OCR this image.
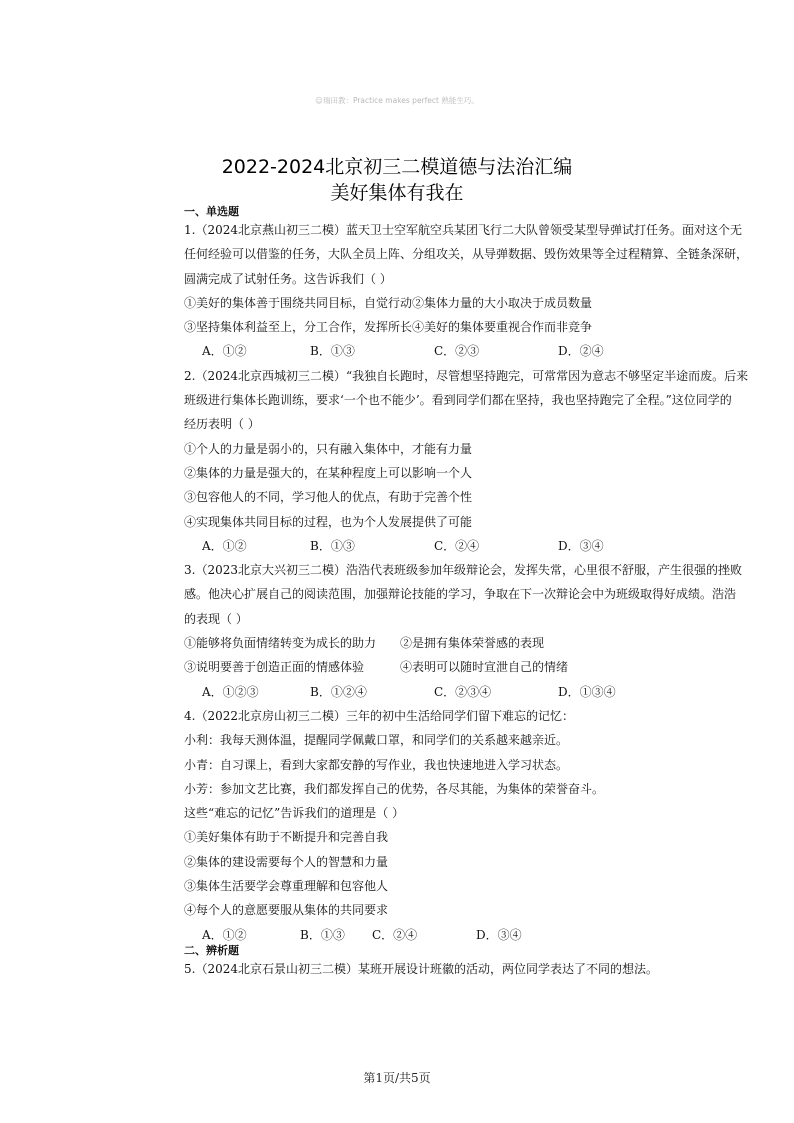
☺瑞田教：Practice makes perfect 熟能生巧。
2022-2024北京初三二模道德与法治汇编
美好集体有我在
一、单选题
1.（2024北京燕山初三二模）蓝天卫士空军航空兵某团飞行二大队曾领受某型导弹试打任务。面对这个无
任何经验可以借鉴的任务，大队全员上阵、分组攻关，从导弹数据、毁伤效果等全过程精算、全链条深研，
圆满完成了试射任务。这告诉我们（ ）
①美好的集体善于围绕共同目标，自觉行动②集体力量的大小取决于成员数量
③坚持集体利益至上，分工合作，发挥所长④美好的集体要重视合作而非竞争
A．①②	B．①③	C．②③	D．②④
2.（2024北京西城初三二模）“我独自长跑时，尽管想坚持跑完，可常常因为意志不够坚定半途而废。后来
班级进行集体长跑训练，要求‘一个也不能少’。看到同学们都在坚持，我也坚持跑完了全程。”这位同学的
经历表明（ ）
①个人的力量是弱小的，只有融入集体中，才能有力量
②集体的力量是强大的，在某种程度上可以影响一个人
③包容他人的不同，学习他人的优点，有助于完善个性
④实现集体共同目标的过程，也为个人发展提供了可能
A．①②	B．①③	C．②④	D．③④
3.（2023北京大兴初三二模）浩浩代表班级参加年级辩论会，发挥失常，心里很不舒服，产生很强的挫败
感。他决心扩展自己的阅读范围，加强辩论技能的学习，争取在下一次辩论会中为班级取得好成绩。浩浩
的表现（ ）
①能够将负面情绪转变为成长的助力　　②是拥有集体荣誉感的表现
③说明要善于创造正面的情感体验　　　④表明可以随时宣泄自己的情绪
A．①②③	B．①②④	C．②③④	D．①③④
4.（2022北京房山初三二模）三年的初中生活给同学们留下难忘的记忆：
小利：我每天测体温，提醒同学佩戴口罩，和同学们的关系越来越亲近。
小青：自习课上，看到大家都安静的写作业，我也快速地进入学习状态。
小芳：参加文艺比赛，我们都发挥自己的优势，各尽其能，为集体的荣誉奋斗。
这些“难忘的记忆”告诉我们的道理是（ ）
①美好集体有助于不断提升和完善自我
②集体的建设需要每个人的智慧和力量
③集体生活要学会尊重理解和包容他人
④每个人的意愿要服从集体的共同要求
A．①②	B．①③	C．②④	D．③④
二、辨析题
5.（2024北京石景山初三二模）某班开展设计班徽的活动，两位同学表达了不同的想法。
第1页/共5页
